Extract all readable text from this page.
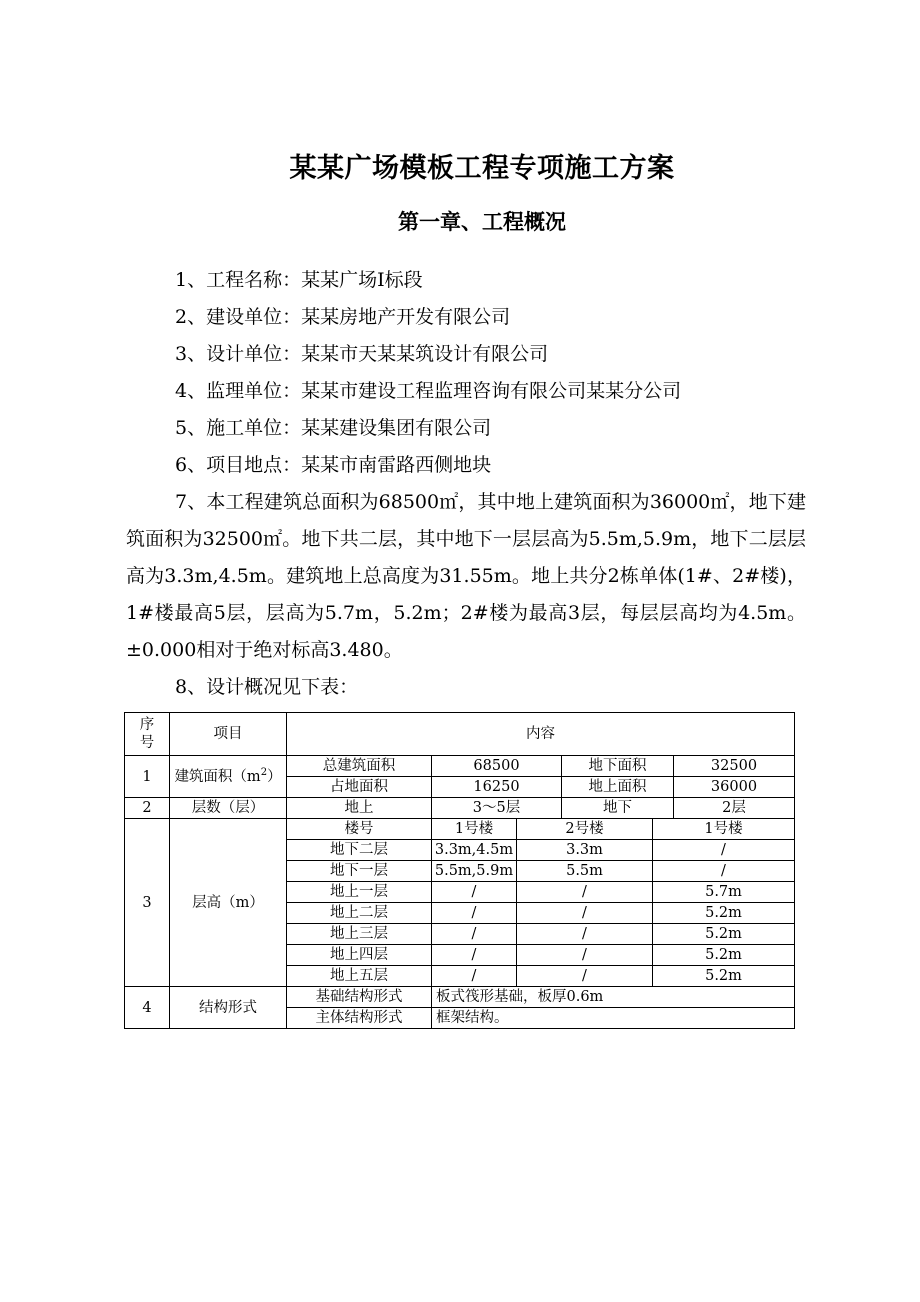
某某广场模板工程专项施工方案
第一章、工程概况
1、工程名称：某某广场Ⅰ标段
2、建设单位：某某房地产开发有限公司
3、设计单位：某某市天某某筑设计有限公司
4、监理单位：某某市建设工程监理咨询有限公司某某分公司
5、施工单位：某某建设集团有限公司
6、项目地点：某某市南雷路西侧地块

7、本工程建筑总面积为68500㎡，其中地上建筑面积为36000㎡，地下建筑面积为32500㎡。地下共二层，其中地下一层层高为5.5m,5.9m，地下二层层高为3.3m,4.5m。建筑地上总高度为31.55m。地上共分2栋单体(1#、2#楼)，1#楼最高5层，层高为5.7m，5.2m；2#楼为最高3层，每层层高均为4.5m。±0.000相对于绝对标高3.480。

8、设计概况见下表：
序
号	项目	内容						
1	建筑面积$(m^2)$	总建筑面积	68500		地下面积		32500	
		占地面积	16250		地上面积		36000	
2	层数（层）	地上	3～5层		地下		2层	
3	层高（m）	楼号	1号楼	2号楼		1号楼	
		地下二层	3.3m,4.5m	3.3m		/	
		地下一层	5.5m,5.9m	5.5m		/	
		地上一层	/	/		5.7m	
		地上二层	/	/		5.2m	
		地上三层	/	/		5.2m	
		地上四层	/	/		5.2m	
		地上五层	/	/		5.2m	
4	结构形式	基础结构形式	板式筏形基础，板厚0.6m					
		主体结构形式	框架结构。					
